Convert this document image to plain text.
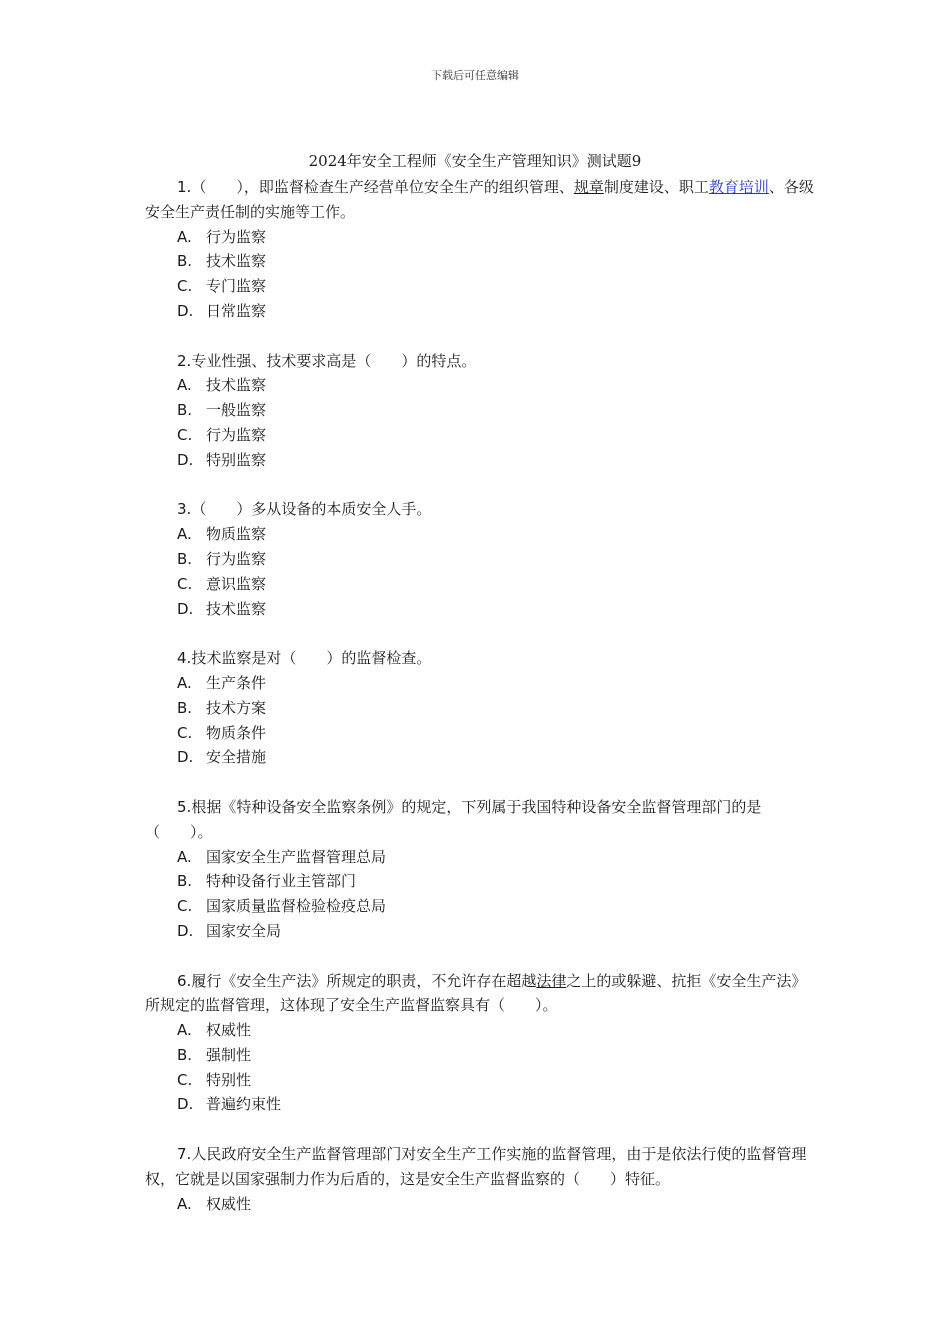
下载后可任意编辑
2024年安全工程师《安全生产管理知识》测试题9

1.（　　），即监督检查生产经营单位安全生产的组织管理、规章制度建设、职工教育培训、各级安全生产责任制的实施等工作。

A. 行为监察

B. 技术监察

C. 专门监察

D. 日常监察

2.专业性强、技术要求高是（　　）的特点。

A. 技术监察

B. 一般监察

C. 行为监察

D. 特别监察

3.（　　）多从设备的本质安全人手。

A. 物质监察

B. 行为监察

C. 意识监察

D. 技术监察

4.技术监察是对（　　）的监督检查。

A. 生产条件

B. 技术方案

C. 物质条件

D. 安全措施

5.根据《特种设备安全监察条例》的规定，下列属于我国特种设备安全监督管理部门的是（　　）。

A. 国家安全生产监督管理总局

B. 特种设备行业主管部门

C. 国家质量监督检验检疫总局

D. 国家安全局

6.履行《安全生产法》所规定的职责，不允许存在超越法律之上的或躲避、抗拒《安全生产法》所规定的监督管理，这体现了安全生产监督监察具有（　　）。

A. 权威性

B. 强制性

C. 特别性

D. 普遍约束性

7.人民政府安全生产监督管理部门对安全生产工作实施的监督管理，由于是依法行使的监督管理权，它就是以国家强制力作为后盾的，这是安全生产监督监察的（　　）特征。

A. 权威性
